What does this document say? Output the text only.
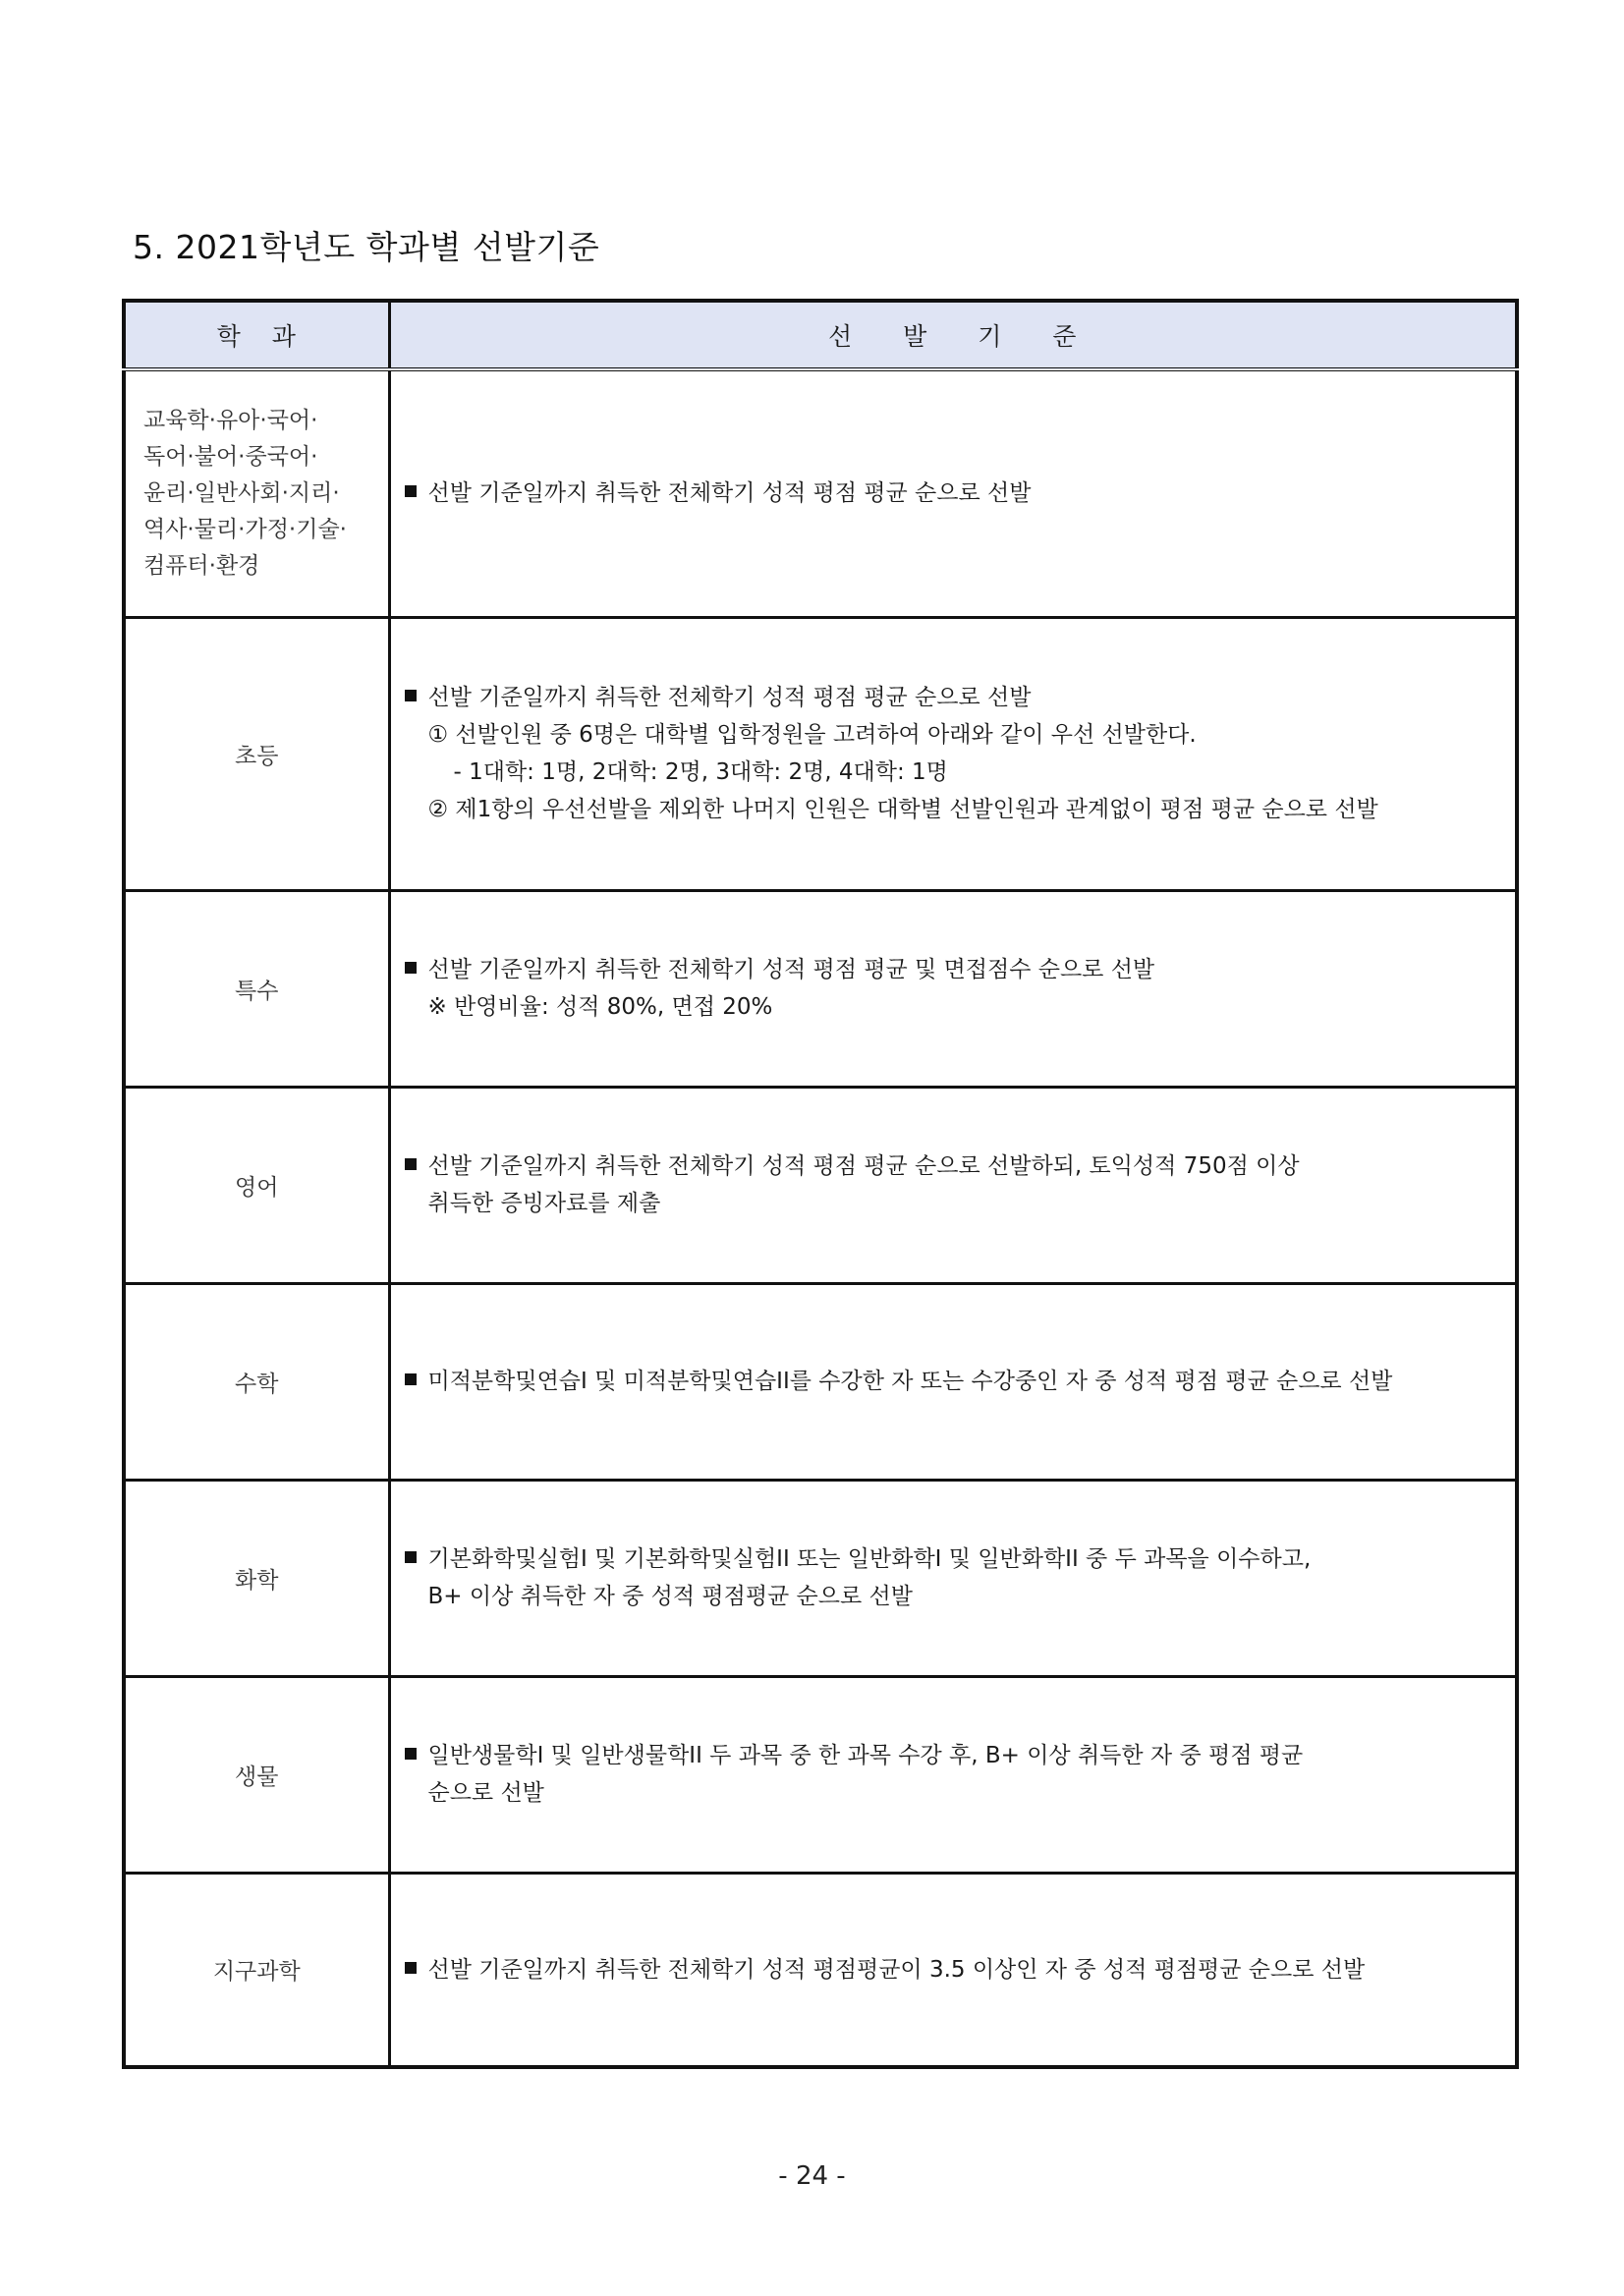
5. 2021학년도 학과별 선발기준
학 과	선 발 기 준

교육학·유아·국어·
독어·불어·중국어·
윤리·일반사회·지리·
역사·물리·가정·기술·
컴퓨터·환경	선발 기준일까지 취득한 전체학기 성적 평점 평균 순으로 선발

초등	선발 기준일까지 취득한 전체학기 성적 평점 평균 순으로 선발
① 선발인원 중 6명은 대학별 입학정원을 고려하여 아래와 같이 우선 선발한다.
- 1대학: 1명, 2대학: 2명, 3대학: 2명, 4대학: 1명
② 제1항의 우선선발을 제외한 나머지 인원은 대학별 선발인원과 관계없이 평점 평균 순으로 선발

특수	선발 기준일까지 취득한 전체학기 성적 평점 평균 및 면접점수 순으로 선발
※ 반영비율: 성적 80%, 면접 20%

영어	선발 기준일까지 취득한 전체학기 성적 평점 평균 순으로 선발하되, 토익성적 750점 이상
취득한 증빙자료를 제출

수학	미적분학및연습I 및 미적분학및연습II를 수강한 자 또는 수강중인 자 중 성적 평점 평균 순으로 선발

화학	기본화학및실험I 및 기본화학및실험II 또는 일반화학I 및 일반화학II 중 두 과목을 이수하고,
B+ 이상 취득한 자 중 성적 평점평균 순으로 선발

생물	일반생물학I 및 일반생물학II 두 과목 중 한 과목 수강 후, B+ 이상 취득한 자 중 평점 평균
순으로 선발

지구과학	선발 기준일까지 취득한 전체학기 성적 평점평균이 3.5 이상인 자 중 성적 평점평균 순으로 선발
- 24 -
